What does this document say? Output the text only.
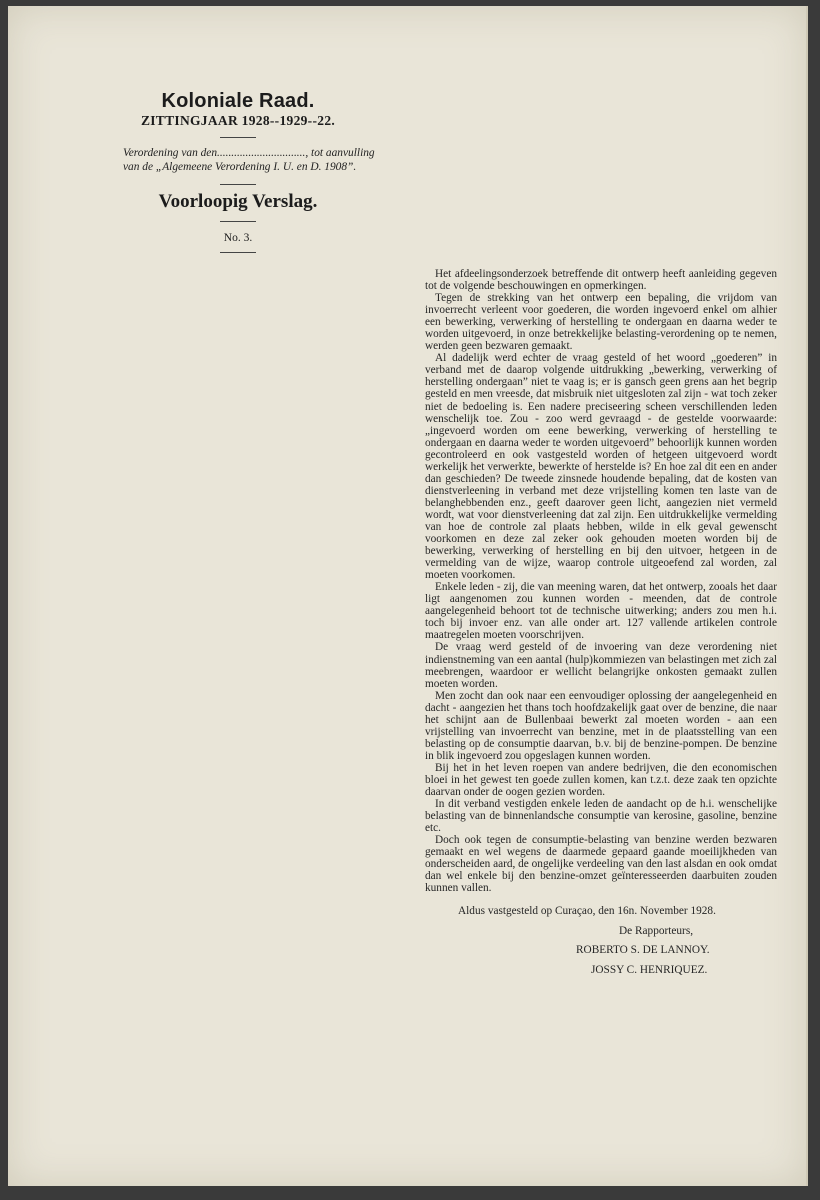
Koloniale Raad.
ZITTINGJAAR 1928--1929--22.

Verordening van den..............................., tot aanvulling van de „Algemeene Verordening I. U. en D. 1908”.

Voorloopig Verslag.
No. 3.

Het afdeelingsonderzoek betreffende dit ontwerp heeft aanleiding gegeven tot de volgende beschouwingen en opmerkingen.

Tegen de strekking van het ontwerp een bepaling, die vrijdom van invoerrecht verleent voor goederen, die worden ingevoerd enkel om alhier een bewerking, verwerking of herstelling te ondergaan en daarna weder te worden uitgevoerd, in onze betrekkelijke belasting-verordening op te nemen, werden geen bezwaren gemaakt.

Al dadelijk werd echter de vraag gesteld of het woord „goederen” in verband met de daarop volgende uitdrukking „bewerking, verwerking of herstelling ondergaan” niet te vaag is; er is gansch geen grens aan het begrip gesteld en men vreesde, dat misbruik niet uitgesloten zal zijn - wat toch zeker niet de bedoeling is. Een nadere preciseering scheen verschillenden leden wenschelijk toe. Zou - zoo werd gevraagd - de gestelde voorwaarde: „ingevoerd worden om eene bewerking, verwerking of herstelling te ondergaan en daarna weder te worden uitgevoerd” behoorlijk kunnen worden gecontroleerd en ook vastgesteld worden of hetgeen uitgevoerd wordt werkelijk het verwerkte, bewerkte of herstelde is? En hoe zal dit een en ander dan geschieden? De tweede zinsnede houdende bepaling, dat de kosten van dienstverleening in verband met deze vrijstelling komen ten laste van de belanghebbenden enz., geeft daarover geen licht, aangezien niet vermeld wordt, wat voor dienstverleening dat zal zijn. Een uitdrukkelijke vermelding van hoe de controle zal plaats hebben, wilde in elk geval gewenscht voorkomen en deze zal zeker ook gehouden moeten worden bij de bewerking, verwerking of herstelling en bij den uitvoer, hetgeen in de vermelding van de wijze, waarop controle uitgeoefend zal worden, zal moeten voorkomen.

Enkele leden - zij, die van meening waren, dat het ontwerp, zooals het daar ligt aangenomen zou kunnen worden - meenden, dat de controle aangelegenheid behoort tot de technische uitwerking; anders zou men h.i. toch bij invoer enz. van alle onder art. 127 vallende artikelen controle maatregelen moeten voorschrijven.

De vraag werd gesteld of de invoering van deze verordening niet indienstneming van een aantal (hulp)kommiezen van belastingen met zich zal meebrengen, waardoor er wellicht belangrijke onkosten gemaakt zullen moeten worden.

Men zocht dan ook naar een eenvoudiger oplossing der aangelegenheid en dacht - aangezien het thans toch hoofdzakelijk gaat over de benzine, die naar het schijnt aan de Bullenbaai bewerkt zal moeten worden - aan een vrijstelling van invoerrecht van benzine, met in de plaatsstelling van een belasting op de consumptie daarvan, b.v. bij de benzine-pompen. De benzine in blik ingevoerd zou opgeslagen kunnen worden.

Bij het in het leven roepen van andere bedrijven, die den economischen bloei in het gewest ten goede zullen komen, kan t.z.t. deze zaak ten opzichte daarvan onder de oogen gezien worden.

In dit verband vestigden enkele leden de aandacht op de h.i. wenschelijke belasting van de binnenlandsche consumptie van kerosine, gasoline, benzine etc.

Doch ook tegen de consumptie-belasting van benzine werden bezwaren gemaakt en wel wegens de daarmede gepaard gaande moeilijkheden van onderscheiden aard, de ongelijke verdeeling van den last alsdan en ook omdat dan wel enkele bij den benzine-omzet geïnteresseerden daarbuiten zouden kunnen vallen.

Aldus vastgesteld op Curaçao, den 16n. November 1928.
De Rapporteurs,
ROBERTO S. DE LANNOY.
JOSSY C. HENRIQUEZ.
